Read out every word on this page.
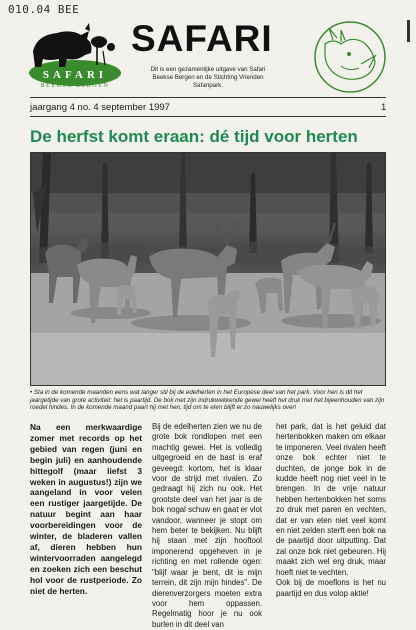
010.04 BEE
SAFARI
BEEKSE BERGEN
SAFARI
Dit is een gezamenlijke uitgave van Safari Beekse Bergen en de Stichting Vrienden Safaripark.
jaargang 4 no. 4 september 1997	1
De herfst komt eraan: dé tijd voor herten
• Sta in de komende maanden eens wat langer stil bij de edelherten in het Europese deel van het park. Voor hen is dit het jaargetijde van grote activiteit: het is paartijd. De bok met zijn indrukwekkende gewei heeft het druk met het bijeenhouden van zijn roedel hindes. In de komende maand paart hij met hen, tijd om te eten blijft er zo nauwelijks over!

Na een merkwaardige zomer met records op het gebied van regen (juni en begin juli) en aanhoudende hittegolf (maar liefst 3 weken in augustus!) zijn we aangeland in voor velen een rustiger jaargetijde. De natuur begint aan haar voorbereidingen voor de winter, de bladeren vallen af, dieren hebben hun wintervoorraden aangelegd en zoeken zich een beschut hol voor de rustperiode. Zo niet de herten.

Bij de edelherten zien we nu de grote bok rondlopen met een machtig gewei. Het is volledig uitgegroeid en de bast is eraf geveegd: kortom, het is klaar voor de strijd met rivalen. Zo gedraagt hij zich nu ook. Het grootste deel van het jaar is de bok nogal schuw en gaat er vlot vandoor, wanneer je stopt om hem beter te bekijken. Nu blijft hij staan met zijn hooftool imponerend opgeheven in je richting en met rollende ogen: "blijf waar je bent, dit is mijn terrein, dit zijn mijn hindes". De dierenverzorgers moeten extra voor hem oppassen. Regelmatig hoor je nu ook burlen in dit deel van

het park, dat is het geluid dat hertenbokken maken om elkaar te imponeren. Veel rivalen heeft onze bok echter niet te duchten, de jonge bok in de kudde heeft nog niet veel in te brengen. In de vrije natuur hebben hertenbokken het soms zo druk met paren en vechten, dat er van eten niet veel komt en niet zelden sterft een bok na de paartijd door uitputting. Dat zal onze bok niet gebeuren. Hij maakt zich wel erg druk, maar hoeft niet te vechten.

Ook bij de moeflons is het nu paartijd en dus volop aktie!
